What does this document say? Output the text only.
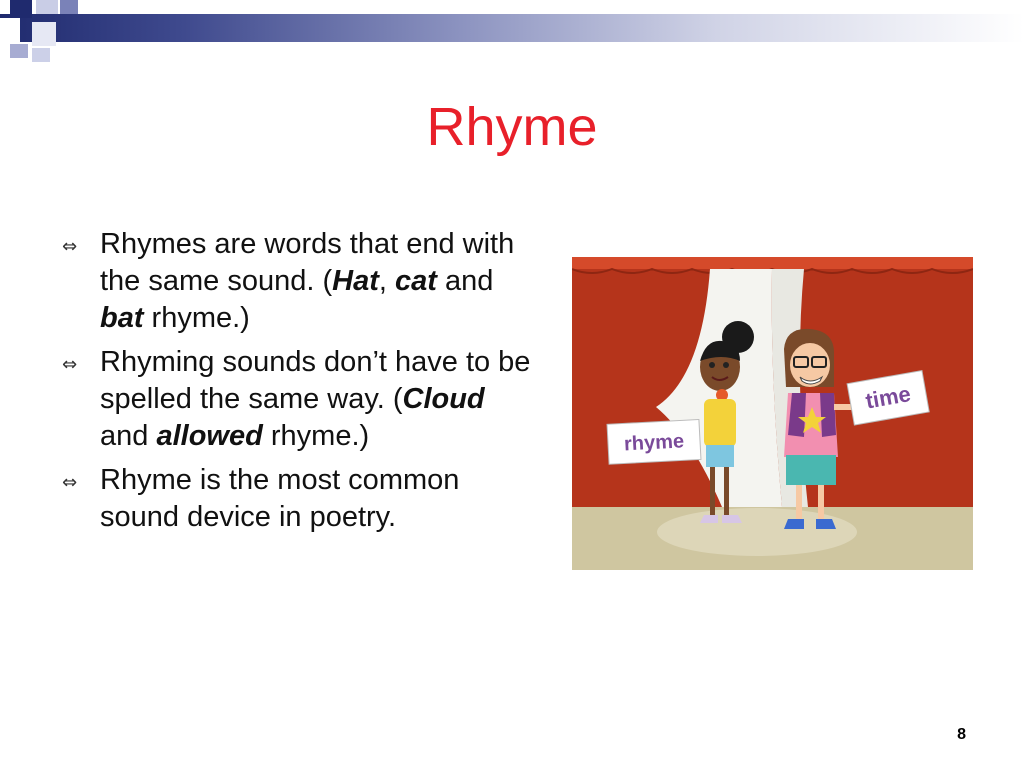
Rhyme
⇔ Rhymes are words that end with the same sound. (Hat, cat and bat rhyme.)
⇔ Rhyming sounds don’t have to be spelled the same way. (Cloud and allowed rhyme.)
⇔ Rhyme is the most common sound device in poetry.
rhyme
time
8
